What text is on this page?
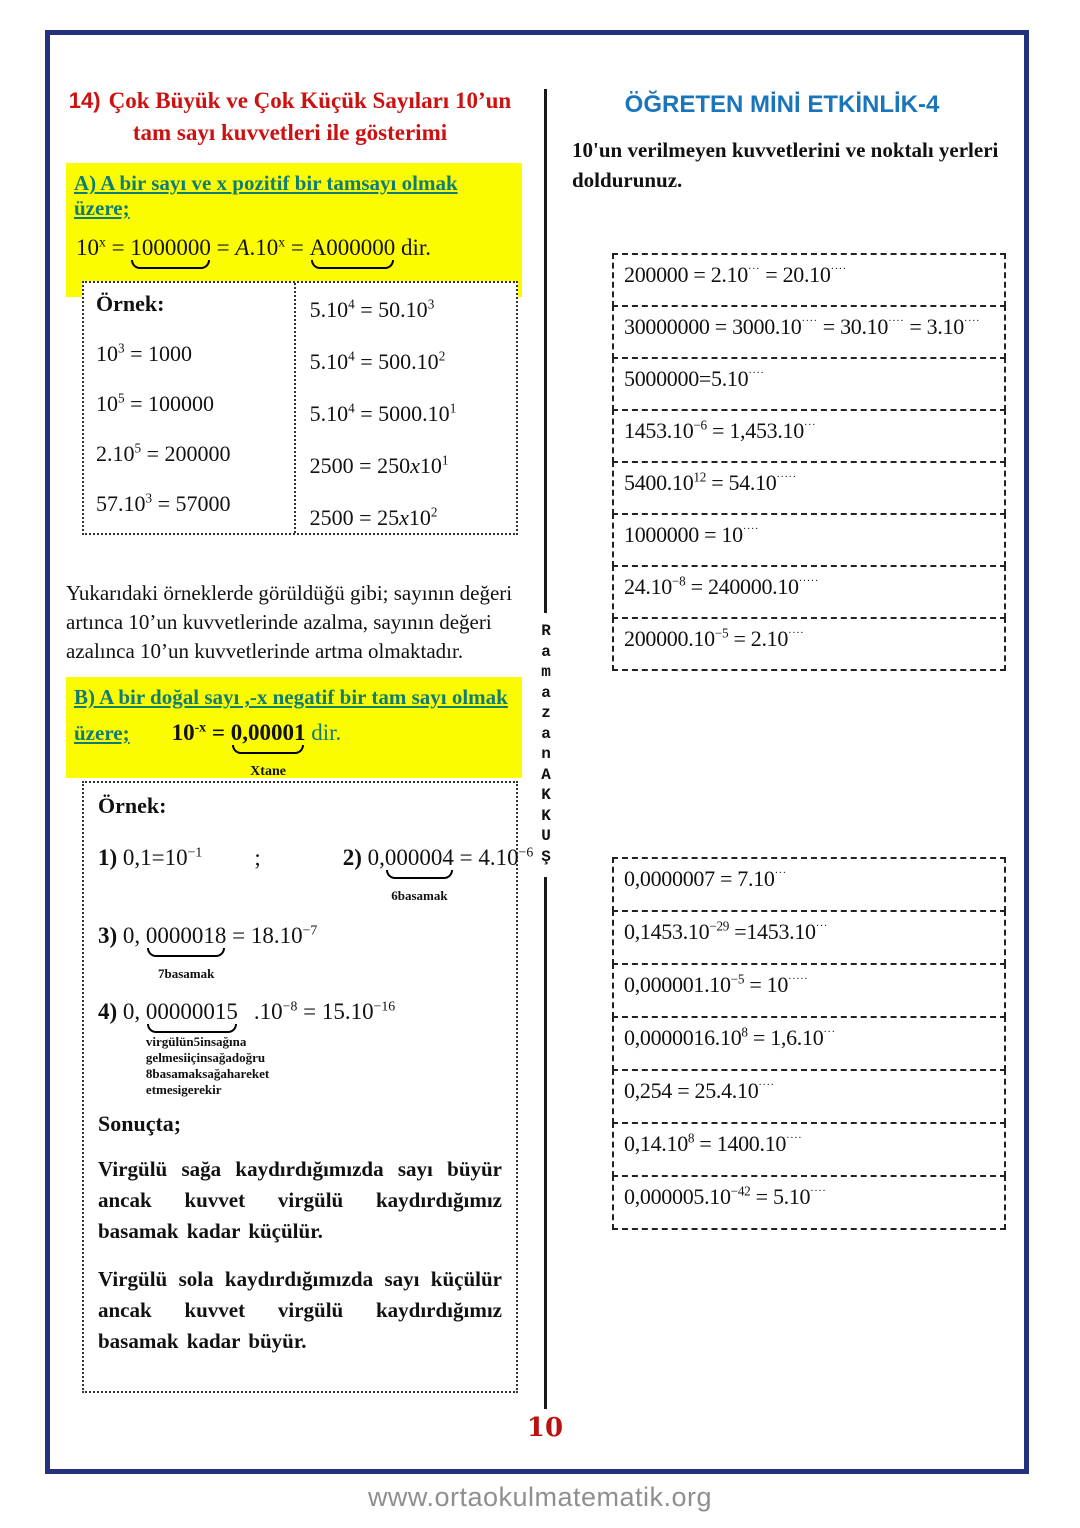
14) Çok Büyük ve Çok Küçük Sayıları 10’un
tam sayı kuvvetleri ile gösterimi
A) A bir sayı ve x pozitif bir tamsayı olmak üzere;
$10^x = 1000000$
= $A.10^x = A000000$
dir.
Örnek:
$10^3 = 1000$
$10^5 = 100000$
$2.10^5 = 200000$
$57.10^3 = 57000$
$5.10^4 = 50.10^3$
$5.10^4 = 500.10^2$
$5.10^4 = 5000.10^1$
$2500 = 250x10^1$
$2500 = 25x10^2$
Yukarıdaki örneklerde görüldüğü gibi; sayının değeri artınca 10’un kuvvetlerinde azalma, sayının değeri azalınca 10’un kuvvetlerinde artma olmaktadır.
B) A bir doğal sayı ,-x negatif bir tam sayı olmak
üzere; $10^{-x} = 0,00001$
Xtane
dir.
Örnek:
1) $0,1=10^{-1}$ ;	2) 0,000004
6basamak
= $4.10^{-6}$
3) 0, 0000018
7basamak
= $18.10^{-7}$
4) 0, 00000015
virgülün5insağına
gelmesiiçinsağadoğru
8basamaksağahareket
etmesigerekir
$.10^{-8} = 15.10^{-16}$
Sonuçta;
Virgülü sağa kaydırdığımızda sayı büyür ancak kuvvet virgülü kaydırdığımız basamak kadar küçülür.
Virgülü sola kaydırdığımızda sayı küçülür ancak kuvvet virgülü kaydırdığımız basamak kadar büyür.
R
a
m
a
z
a
n
A
K
K
U
Ş
10
ÖĞRETEN MİNİ ETKİNLİK-4
10'un verilmeyen kuvvetlerini ve noktalı yerleri doldurunuz.
200000 = 2.10··· = 20.10····
30000000 = 3000.10···· = 30.10···· = 3.10····
5000000=5.10····
$1453.10^{-6} = 1,453.10^{\cdot\cdot\cdot}$
$5400.10^{12} = 54.10^{\cdot\cdot\cdot\cdot\cdot}$
1000000 = 10····
$24.10^{-8} = 240000.10^{\cdot\cdot\cdot\cdot\cdot}$
$200000.10^{-5} = 2.10^{\cdot\cdot\cdot\cdot}$
0,0000007 = 7.10···
$0,1453.10^{-29} =1453.10^{\cdot\cdot\cdot}$
$0,000001.10^{-5} = 10^{\cdot\cdot\cdot\cdot\cdot}$
$0,0000016.10^8 = 1,6.10^{\cdot\cdot\cdot}$
0,254 = 25.4.10····
$0,14.10^8 = 1400.10^{\cdot\cdot\cdot\cdot}$
$0,000005.10^{-42} = 5.10^{\cdot\cdot\cdot\cdot}$
www.ortaokulmatematik.org
